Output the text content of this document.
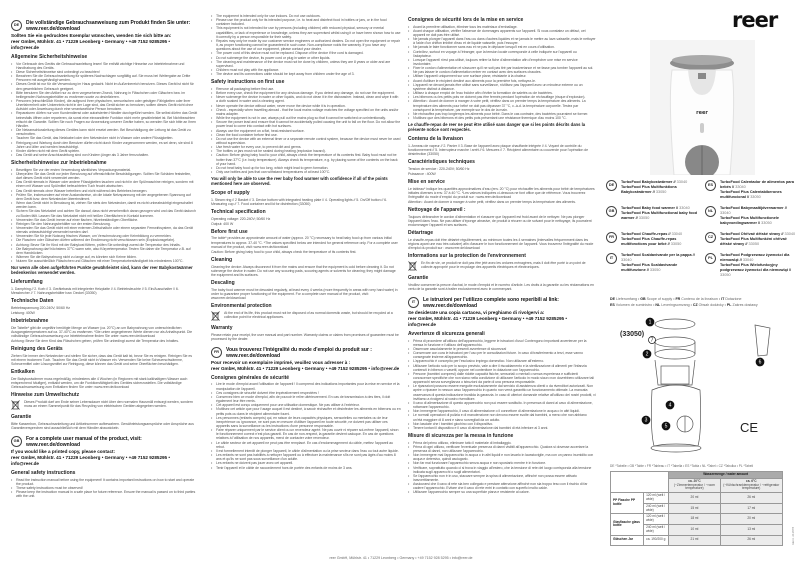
DE	Die vollständige Gebrauchsanweisung zum Produkt finden Sie unter: www.reer.de/download
Sollten Sie ein gedrucktes Exemplar wünschen, wenden Sie sich bitte an:
reer GmbH, Mühlstr. 41 • 71229 Leonberg • Germany • +49 7152 9285295 • info@reer.de
Allgemeine Sicherheitshinweise
• Vor Gebrauch des Geräts die Gebrauchsanleitung lesen! Sie enthält wichtige Hinweise zur Inbetriebnahme und Handhabung des Geräts.
• Diese Sicherheitshinweise sind unbedingt zu beachten!
• Bewahren Sie die Gebrauchsanleitung für späteres Nachschlagen sorgfältig auf. Sie muss bei Weitergabe an Dritte Personen mit ausgehändigt werden.
• Dieses Gerät ist nur für die Verwendung im Haus gedacht. Nicht im Außenbereich benutzen. Dieses Gerät ist nicht für den gewerblichen Gebrauch geeignet.
• Bitte benutzen Sie den Artikel nur zu dem vorgesehenen Zweck, Nahrung in Fläschchen oder Gläschen bzw. im beiliegenden Nahrungsbehälter zu erwärmen sowie zu desinfizieren.
• Personen (einschließlich Kinder), die aufgrund ihrer physischen, sensorischen oder geistigen Fähigkeiten oder ihrer Unerfahrenheit oder Unkenntnis nicht in der Lage sind, das Gerät sicher zu benutzen, sollten dieses Gerät nicht ohne Aufsicht oder Anweisung durch eine verantwortliche Person benutzen.
• Reparaturen dürfen nur vom Kundendienst oder autorisierten Händler durchgeführt werden. Sie selbst dürfen das Gerät keinesfalls öffnen oder reparieren, da sonst eine einwandfreie Funktion nicht mehr gewährleistet ist. Bei Nichtbeachten erlischt die Garantie. Sollten Sie noch Fragen zur Anwendung unserer Geräte haben, so wenden Sie sich bitte an Ihren Händler.
• Die Netzanschlussleitung dieses Gerätes kann nicht ersetzt werden. Bei Beschädigung der Leitung ist das Gerät zu verschrotten.
• Tauchen Sie das Gerät, das Netzkabel oder den Netzstecker nicht in Wasser oder andere Flüssigkeiten.
• Reinigung und Wartung durch den Benutzer dürfen nicht durch Kinder vorgenommen werden, es sei denn, sie sind 8 Jahre und älter und werden beaufsichtigt.
• Kinder dürfen nicht mit dem Gerät spielen.
• Das Gerät und seine Anschlussleitung sind von Kindern jünger als 3 Jahre fernzuhalten.
Sicherheitshinweise zur Inbetriebnahme
• Beseitigen Sie vor der ersten Verwendung sämtliches Verpackungsmaterial.
• Überprüfen Sie das Gerät vor jeder Benutzung auf offensichtliche Beschädigungen. Sollten Sie Schäden feststellen, darf dieses Gerät nicht verwendet werden.
• Das Gerät niemals in Wasser oder andere Flüssigkeiten tauchen und nicht in der Spülmaschine reinigen, sondern mit einem mit Wasser und Spülmittel befeuchteten Tuch feucht abwischen.
• Das Gerät niemals ohne Wasser betreiben und nicht während des Betriebes bewegen.
• Prüfen Sie, insbesondere auf einer Auslandsreise, ob die lokale Netzspannung mit der angegebenen Spannung auf dem Gerät bzw. dem Netzstecker übereinstimmt.
• Wenn das Gerät nicht in Benutzung ist, ziehen Sie stets den Netzstecker, damit es nicht unbeabsichtigt eingeschaltet werden kann.
• Sichern Sie das Netzkabel und achten Sie darauf, dass nicht versehentlich daran gezogen wird und das Gerät dadurch zu Boden fällt. Lassen Sie das Netzkabel nicht mit heißen Oberflächen in Kontakt kommen.
• Verwenden Sie das Gerät immer auf einer flachen, hitzebeständigen Oberfläche.
• Reinigen Sie den Nahrungsbehälter vor der ersten Benutzung.
• Verwenden Sie das Gerät nicht mit einer externen Zeitschaltuhr oder einem separaten Fernwirksystem, da das Gerät niemals unbeaufsichtigt verwendet werden darf.
• Verwenden Sie für jede Nutzung frisches Wasser, um Verschmutzung oder Keimbildung zu vermeiden.
• Die Flaschen oder Gläschen dürfen während der Erwärmung nicht verschlossen sein (Explosionsgefahr).
• Achtung: Bevor Sie Ihr Kind mit der Babykost füttern, prüfen Sie unbedingt zuerst die Temperatur des Inhalts.
• Die Babynahrung darf höchstens 37°C warm sein, also Körpertemperatur. Testen Sie daher die Temperatur z.B. auf dem Handrücken.
• Wärmen Sie die Babynahrung nicht zu lange auf, es könnten sich Keime bilden.
• Nutzen Sie ausschließlich Fläschchen und Gläschen mit einer Temperaturbeständigkeit bis mindestens 100°C.
Nur wenn alle oben aufgeführten Punkte gewährleistet sind, kann der reer Babykostwärmer bedenkenlos verwendet werden.
Lieferumfang
1. Dampfring // 2. Korb // 3. Gerätebasis mit integrierter Heizplatte // 4. Betriebsleuchte // 5. Ein/Ausschalter // 6. Messbecher // 7. Nahrungsbehälter bzw. Deckel (33050)
Technische Daten
Betriebsspannung 220-240V; 50/60 Hz
Leistung: 400W
Inbetriebnahme
Die Tabelle* gibt die ungefähr benötigte Menge an Wasser (ca. 20°C) an um Babynahrung von unterschiedlichen Ausgangstemperaturen auf ca. 37-40°C zu erwärmen. *Die unten angegebenen Werte dienen nur als Anhaltspunkt. Die vollständige Gebrauchsanweisung zur Inbetriebnahme finden Sie unter: www.reer.de/download
Achtung: Bevor Sie dem Kind das Fläschchen geben, prüfen Sie unbedingt zuerst die Temperatur des Inhaltes.
Reinigung des Geräts
Ziehen Sie immer den Netzstecker und stellen Sie sicher, dass das Gerät kalt ist, bevor Sie es reinigen. Reinigen Sie es mit einem trockenen Tuch. Tauchen Sie das Gerät nicht in Wasser ein. Verwenden Sie keine Scheuerschwämme, Scheuermittel oder Lösungsmittel zur Reinigung, diese können das Gerät und seine Oberflächen beschädigen.
Entkalken
Der Babykostwärmer muss regelmäßig, mindestens alle 4 Wochen (in Regionen mit stark kalkhaltigem Wasser auch entsprechend häufiger), entkalkt werden, um die Funktionsfähigkeit des Gerätes sicherzustellen. Die vollständige Gebrauchsanweisung zum Entkalken finden Sie unter: www.reer.de/download
Hinweise zum Umweltschutz
Dieses Produkt darf am Ende seiner Lebensdauer nicht über den normalen Hausmüll entsorgt werden, sondern muss an einem Sammelpunkt für das Recycling von elektrischen Geräten abgegeben werden.
Garantie
Bitte Kassenbon, Gebrauchsanleitung und Artikelnummer aufbewahren. Gewährleistungsansprüche oder Ansprüche aus Garantieversprechen sind ausschließlich mit dem Händler abzuwickeln.
GB	For a complete user manual of the product, visit: www.reer.de/download
If you would like a printed copy, please contact:
reer GmbH, Mühlstr. 41 • 71229 Leonberg • Germany • +49 7152 9285295 • info@reer.de
General safety instructions
• Read the instruction manual before using the equipment! It contains important instructions on how to start and operate the product.
• These safety instructions must be observed!
• Please keep the instruction manual in a safe place for future reference. Ensure the manual is passed on to third parties with the unit.
• The equipment is intended only for use indoors. Do not use outdoors.
• Please use the product only for its intended purpose, i.e. to heat and disinfect food in bottles or jars, or in the food container included.
• This equipment is not intended for use by persons (including children) with reduced physical, sensory or mental capabilities, or lack of experience or knowledge, unless they are supervised whilst using it or have been shown how to use it correctly by a person responsible for their safety.
• Repairs may only be made by our customer service engineers or authorized dealers. Do not open the equipment or repair it, as proper functioning cannot be guaranteed in such case. Non-compliance voids the warranty. If you have any questions about the use of our equipment, please contact your dealer.
• The power cord of this device must not be replaced. Dispose of the device if the cord is damaged.
• Do not submerge the device, its power cord or plug in water or other liquids.
• The cleaning and maintenance of the device must not be done by children, unless they are 8 years or older and are supervised.
• Children must not play with the appliance.
• The device and its connections cable should be kept away from children under the age of 3.
Safety instructions on first use
• Remove all packaging before first use.
• Before every use, check the equipment for any obvious damage. If you detect any damage, do not use the equipment.
• Never submerge the device in water or other liquids, and do not clean it in the dishwasher. Instead, clean and wipe it with a cloth soaked in water and a cleaning agent.
• Never operate the device without water, never move the device while it is in operation.
• Check - especially when travelling abroad - that the local mains voltage matches the voltage specified on the units and/or mains adapter.
• While the equipment is not in use, always pull out the mains plug so that it cannot be switched on unintentionally.
• Secure the power lead and ensure that it cannot be accidentally pulled causing the unit to fall on the floor. Do not allow the power lead to come into contact with hot surfaces.
• Always use the equipment on a flat, heat-resistant surface.
• Clean the food container before first use.
• Do not use the device with an external timer or a separate remote control system, because the device must never be used without supervision.
• Use fresh water for every use, to prevent dirt and germs.
• The bottles or jars must not be sealed during heating (explosion hazard).
• Caution: Before giving baby food to your child, always check the temperature of its contents first. Baby food must not be hotter than 37°C (i.e. body temperature). Always check its temperature, e.g. by placing some of the contents on the back of your hand.
• Do not heat baby food up for too long, which might lead to germ formation.
• Only use bottles and jars that can withstand temperatures of at least 100°C.
You will only be able to use the reer baby food warmer with confidence if all of the points mentioned here are observed.
Scope of supply
1. Steam ring // 2 Basket // 3. Device bottom with integrated heating plate // 4. Operating lights // 5. On/Off button // 6. Measuring cup // 7. Food container and lid for disinfection (33050)
Technical specification
Operating voltage: 220-240V; 50/60 Hz
Output: 400 W
Before first use
The table* provides an approximate amount of water (approx. 20 °C) necessary to heat baby food up from various initial temperatures to approx. 37-40 °C. *The values specified below are intended for general reference only. For a complete user manual of the product, visit: www.reer.de/download
Caution: Before giving baby food to your child, always check the temperature of its contents first.
Cleaning
Cleaning the device: Always disconnect it from the mains and ensure that the equipment is cold before cleaning it. Do not submerge the device in water. Do not use any scouring pads, scouring agents or solvents for cleaning; they might damage the equipment and its surfaces.
Descaling
The baby food warmer must be descaled regularly, at least every 4 weeks (more frequently in areas with very hard water) in order to guarantee proper functioning of the equipment. For a complete user manual of the product, visit: www.reer.de/download
Environmental protection
At the end of its life, this product must not be disposed of as normal domestic waste, but should be recycled at a collection point for electrical appliances.
Warranty
Please retain your receipt, the user manual and part number. Warranty claims or claims from promises of guarantee must be processed by the dealer.
FR	Vous trouverez l'intégralité du mode d'emploi du produit sur : www.reer.de/download
Pour recevoir un exemplaire imprimé, veuillez vous adresser à :
reer GmbH, Mühlstr. 41 • 71229 Leonberg • Germany • +49 7152 9285295 • info@reer.de
Consignes générales de sécurité
• Lire le mode d'emploi avant l'utilisation de l'appareil ! Il comprend des indications importantes pour la mise en service et la manipulation de l'appareil.
• Ces consignes de sécurité doivent être impérativement respectées !
• Conservez bien ce mode d'emploi, afin de pouvoir le relire ultérieurement. En cas de transmission à des tiers, il doit également leur être remis.
• Cet appareil est conçu uniquement pour une utilisation domestique. Ne pas utiliser à l'extérieur.
• N'utilisez cet article que pour l'usage auquel il est destiné, à savoir réchauffer et désinfecter les aliments en biberons ou en petits pots ou dans le récipient alimentaire fourni.
• Les personnes (enfants compris) qui, en raison de leurs capacités physiques, sensorielles ou mentales ou de leur inexpérience ou ignorance, ne sont pas en mesure d'utiliser l'appareil en toute sécurité, ne doivent pas utiliser ces appareils sans la surveillance ou les instructions d'une personne responsable.
• Faire réparer uniquement par le service client ou un revendeur agréé. Ne pas ouvrir ni réparer soi-même l'appareil, sinon le fonctionnement correct n'est plus garanti. En cas de non-respect, la garantie devient caduque. En cas de questions relatives à l'utilisation de nos appareils, merci de contacter votre revendeur.
• Le câble secteur de cet appareil ne peut pas être remplacé. En cas d'endommagement du câble, mettez l'appareil au rebut.
• Il est formellement interdit de plonger l'appareil, le câble d'alimentation ou la prise secteur dans l'eau ou tout autre liquide.
• Les enfants ne sont pas habilités à nettoyer l'appareil ou à effectuer la maintenance s'ils ne sont pas âgés d'au moins 8 ans et qu'ils ne sont pas sous surveillance d'un adulte.
• Les enfants ne doivent pas jouer avec cet appareil.
• Tenir l'appareil et le câble de raccordement hors de portée des enfants de moins de 3 ans.
Consignes de sécurité lors de la mise en service
• Avant la première utilisation, éliminer tous les matériaux d'emballage.
• Avant chaque utilisation, vérifier l'absence de dommages apparents sur l'appareil. Si vous constatez un défaut, cet appareil ne doit pas être utilisé.
• Ne jamais plonger l'appareil dans l'eau ou dans d'autres liquides et ne jamais le mettre au lave-vaisselle, mais le nettoyer à l'aide d'un chiffon imbibé d'eau et de liquide vaisselle, puis l'essuyer.
• Ne jamais le faire fonctionner sans eau et ne pas le déplacer lorsqu'il est en cours d'utilisation.
• Contrôlez, surtout en voyage à l'étranger, que la tension locale corresponde à celle indiquée sur l'appareil ou l'adaptateur.
• Lorsque l'appareil n'est pas utilisé, toujours retirer la fiche d'alimentation afin d'empêcher une mise en service involontaire.
• Fixer le cordon d'alimentation et s'assurer qu'il ne soit pas tiré par inadvertance et ne fasse pas tomber l'appareil au sol. Ne pas laisser le cordon d'alimentation entrer en contact avec des surfaces chaudes.
• Utiliser l'appareil uniquement sur une surface plane, résistante à la chaleur.
• Avant d'utiliser le récipient destiné aux aliments pour la première fois, nettoyez-le.
• L'appareil ne devant jamais être utilisé sans surveillance, n'utilisez pas l'appareil avec un minuteur externe ou un système distinct à distance.
• Utilisez à chaque emploi de l'eau fraîche afin d'éviter la formation de saletés ou de bactéries.
• Les biberons ou les petits pots ne doivent pas être fermés pendant l'opération de réchauffage (risque d'explosion).
• Attention : Avant de donner à manger à votre petit, vérifiez dans un premier temps la température des aliments. La température des aliments pour bébé ne doit pas dépasser 37 °C, c.-à-d. la température corporelle. Testez par conséquent la température, par exemple sur le dos de la main.
• Ne réchauffez pas trop longtemps les aliments pour bébé. Dans le cas contraire, des bactéries pourraient se former.
• N'utilisez que des biberons et des petits pots présentant une résistance thermique d'au moins 100 °C.
Le chauffe-repas de reer ne peut être utilisé sans danger que si les points décrits dans la présente notice sont respectés.
Contenu de la livraison
1. Anneau de vapeur // 2. Panier // 3. Base de l'appareil avec plaque chauffante intégrée // 4. Voyant de contrôle du fonctionnement // 5. Interrupteur marche / arrêt // 6. Mesures // 7. Récipient alimentaire ou couvercle pour l'opération de désinfection (33050)
Caractéristiques techniques
Tension de service : 220-240V; 50/60 Hz
Puissance : 400W
Mise en service
Le tableau* indique les quantités approximatives d'eau (env. 20 °C) pour réchauffer les aliments pour bébé de températures initiales diverses à env. 37 à 40 °C. *Les valeurs indiquées ci-dessous ne font office que de référence. Vous trouverez l'intégralité du mode d'emploi du produit sur : www.reer.de/download
Attention : Avant de donner à manger à votre petit, vérifiez dans un premier temps la température des aliments.
Nettoyage de l'appareil :
Toujours débrancher le cordon d'alimentation et s'assurer que l'appareil est froid avant de le nettoyer. Ne pas plonger l'appareil dans l'eau. Ne pas utiliser d'éponge abrasive, de produit à récurer ou de solvant pour le nettoyage, ils pourraient endommager l'appareil et ses surfaces.
Détartrage
Le chauffe-repas doit être détartré régulièrement, au minimum toutes les 4 semaines (intervalles fréquemment dans les régions ayant une eau très calcaire) afin d'assurer le bon fonctionnement de l'appareil. Vous trouverez l'intégralité du mode d'emploi du produit sur : www.reer.de/download
Informations sur la protection de l'environnement
En fin de vie, ce produit ne doit pas être jeté avec les ordures ménagères, mais il doit être porté à un point de collecte approprié pour le recyclage des appareils électriques et électroniques.
Garantie
Veuillez conserver la preuve d'achat, le mode d'emploi et le numéro d'article. Les droits à la garantie ou les réclamations en vertu de la garantie sont à traiter exclusivement avec le commerçant.
IT	Le istruzioni per l'utilizzo complete sono reperibili al link: www.reer.de/download
Se desiderate una copia cartacea, vi preghiamo di rivolgervi a:
reer GmbH, Mühlstr. 41 • 71229 Leonberg • Germany • +49 7152 9285295 • info@reer.de
Avvertenze di sicurezza generali
• Prima di procedere all'utilizzo dell'apparecchio, leggere le istruzioni d'uso! Contengono importanti avvertenze per la messa in funzione e l'utilizzo dell'apparecchio.
• Osservare assolutamente le presenti avvertenze di sicurezza!
• Conservare con cura le istruzioni per l'uso per le consultazioni future. In caso di trasferimento a terzi, esse vanno consegnate insieme all'apparecchio.
• L'apparecchio è concepito per l'esclusivo impiego domestico. Non utilizzare all'esterno.
• Utilizzare l'articolo solo per lo scopo previsto, vale a dire il riscaldamento e la sterilizzazione di alimenti per l'infanzia contenuti in biberon o vasetti, oppure nel contenitore in dotazione con l'apparecchio.
• Persone (bambini compresi) dalle ridotte capacità fisiche, sensoriali o mentali o senza esperienza e sufficienti conoscenze specifiche che non siano nella condizione di utilizzare l'articolo in modo sicuro non dovrebbero utilizzare tali apparecchi senza sorveglianza o istruzioni da parte di una persona responsabile.
• Le riparazioni possono essere eseguite esclusivamente dal servizio di assistenza clienti o da rivenditori autorizzati. Non aprire o riparare in nessun caso l'apparecchio in quanto non verrà garantito un funzionamento ottimale. La mancata osservanza di questa indicazione invalida la garanzia. In caso di ulteriori domande relative all'utilizzo dei nostri prodotti, vi invitiamo a rivolgervi al vostro rivenditore.
• Il cavo di alimentazione di questo apparecchio non può essere sostituito. In presenza di danni al cavo di alimentazione, rottamare l'apparecchio.
• Non immergere l'apparecchio, il cavo di alimentazione o il connettore di alimentazione in acqua o in altri liquidi.
• Le normali operazioni di pulizia e di manutenzione non devono essere svolte dai bambini, a meno che non abbiano un'età maggiore di 8 anni e siano sorvegliati da un adulto.
• Non lasciate che i bambini giochino con il dispositivo.
• Tenere lontani il dispositivo e il cavo di alimentazione dai bambini di età inferiore ai 3 anni.
Misure di sicurezza per la messa in funzione
• Prima del primo utilizzo, eliminare tutto il materiale di imballaggio.
• Prima di ogni utilizzo, verificare l'eventuale presenza di danni visibili all'apparecchio. Qualora si dovesse accertare la presenza di danni, non utilizzare l'apparecchio.
• Non immergere mai l'apparecchio in acqua o in altri liquidi e non lavarlo in lavastoviglie, ma con un panno inumidito con acqua e detersivo, quindi asciugarlo.
• Non far mai funzionare l'apparecchio senza acqua e non spostarlo mentre è in funzione.
• Verificare, soprattutto quando ci si trova in viaggio all'estero, che la tensione di rete del luogo corrisponda alla tensione indicata sugli apparecchi o sugli alimentatori.
• Se l'apparecchio non è in uso, staccare sempre la spina di alimentazione, affinché non possa essere attivato inavvertitamente.
• Assicurarsi che il cavo di rete sia ben collegato e prestare attenzione affinché non sia troppo teso con il rischio di far cadere l'apparecchio. Evitare che il cavo di rete entri in contatto con superfici molto calde.
• Utilizzare l'apparecchio sempre su una superficie piana e resistente al calore.
reer
reer
DE
TurboFood Babykostwärmer // 33040
TurboFood Plus Multifunktions Babykostwärmer // 33050
ES
TurboFood Calentador de alimentos para bebés // 33040
TurboFood Plus Calentabiberones multifuncional // 33050
GB
TurboFood Baby food warmer // 33040
TurboFood Plus Multifunctional baby food warmer // 33050
NL
TurboFood Babymaaltijdverwarmer // 33040
TurboFood Plus Multifunctionele babyvoedingwarmer // 33050
FR
TurboFood Chauffe-repas // 33040
TurboFood Plus Chauffe-repas multifonctions pour bébé // 33050
CZ
TurboFood Ohřívač dětské stravy // 33040
TurboFood Plus Multifunkční ohřívač dětské stravy // 33050
IT
TurboFood Scaldavivande per la pappa // 33040
TurboFood Plus Scaldavivande multifunzione // 33050
PL
TurboFood Podgrzewacz żywności dla niemowląt // 33040
TurboFood Plus Wielofunkcyjny podgrzewacz żywności dla niemowląt // 33050
DE Lieferumfang • GB Scope of supply • FR Contenu de la livraison • IT Dotazione
ES Volumen de suministro • NL Leveringsomvang • CZ Obsah dodávky • PL Zakres dostawy
1
2
3
4
5
6
7
(33050)
CE
DE *Tabelle • GB *Table • FR *Tableau • IT *Tabella • ES *Tabla • NL *Tabel • CZ *Tabulka • PL *Tabeli
		Wassermenge / water amount	
		ca. 20°C
(~Zimmertemperatur / ~room temperature)	ca. 6°C
(~Kühlschranktemperatur / ~refrigerator temperature)
PP Flasche PP bottle	120 ml (weit / wide)	20 ml	26 ml
	240 ml (weit / wide)	15 ml	17 ml
Glasflasche glass bottle	120 ml (weit / wide)	18 ml	20 ml
	240 ml (weit / wide)	10 ml	13 ml
Gläschen Jar	ca. 190/200 g	21 ml	26 ml	Ident. 211878
reer GmbH, Mühlstr. 41 • 71229 Leonberg • Germany • +49 7152 928 5295 • info@reer.de
